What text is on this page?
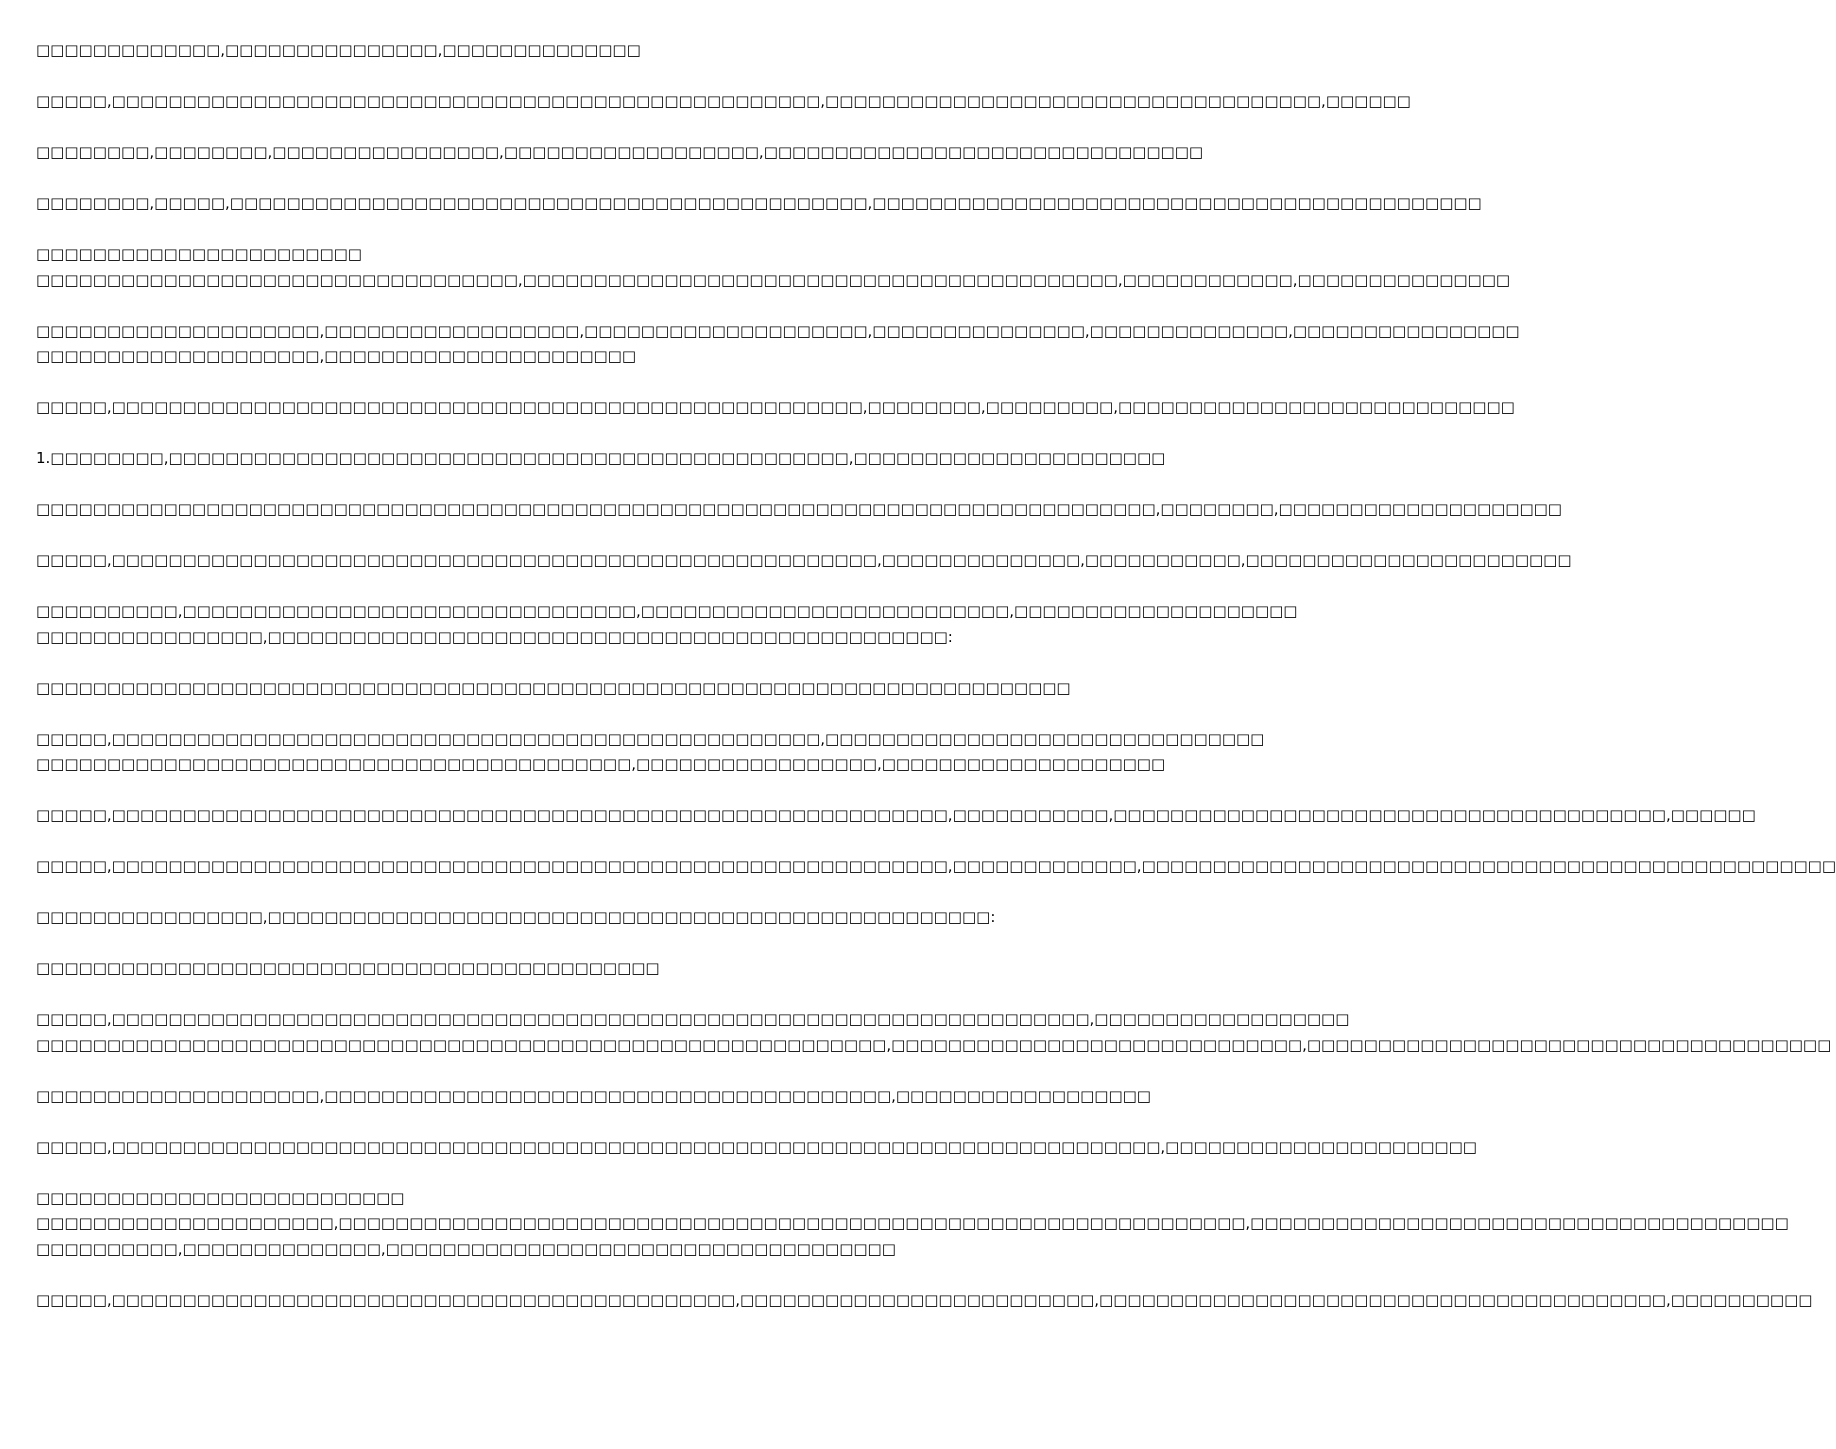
□□□□□□□□□□□□□,□□□□□□□□□□□□□□□,□□□□□□□□□□□□□□

□□□□□,□□□□□□□□□□□□□□□□□□□□□□□□□□□□□□□□□□□□□□□□□□□□□□□□□□,□□□□□□□□□□□□□□□□□□□□□□□□□□□□□□□□□□□,□□□□□□

□□□□□□□□,□□□□□□□□,□□□□□□□□□□□□□□□□,□□□□□□□□□□□□□□□□□□,□□□□□□□□□□□□□□□□□□□□□□□□□□□□□□□

□□□□□□□□,□□□□□,□□□□□□□□□□□□□□□□□□□□□□□□□□□□□□□□□□□□□□□□□□□□□,□□□□□□□□□□□□□□□□□□□□□□□□□□□□□□□□□□□□□□□□□□□

□□□□□□□□□□□□□□□□□□□□□□□
□□□□□□□□□□□□□□□□□□□□□□□□□□□□□□□□□□,□□□□□□□□□□□□□□□□□□□□□□□□□□□□□□□□□□□□□□□□□□,□□□□□□□□□□□□,□□□□□□□□□□□□□□□

□□□□□□□□□□□□□□□□□□□□,□□□□□□□□□□□□□□□□□□,□□□□□□□□□□□□□□□□□□□□,□□□□□□□□□□□□□□□,□□□□□□□□□□□□□□,□□□□□□□□□□□□□□□□
□□□□□□□□□□□□□□□□□□□□,□□□□□□□□□□□□□□□□□□□□□□

□□□□□,□□□□□□□□□□□□□□□□□□□□□□□□□□□□□□□□□□□□□□□□□□□□□□□□□□□□□,□□□□□□□□,□□□□□□□□□,□□□□□□□□□□□□□□□□□□□□□□□□□□□□

1.□□□□□□□□,□□□□□□□□□□□□□□□□□□□□□□□□□□□□□□□□□□□□□□□□□□□□□□□□,□□□□□□□□□□□□□□□□□□□□□□

□□□□□□□□□□□□□□□□□□□□□□□□□□□□□□□□□□□□□□□□□□□□□□□□□□□□□□□□□□□□□□□□□□□□□□□□□□□□□□□,□□□□□□□□,□□□□□□□□□□□□□□□□□□□□

□□□□□,□□□□□□□□□□□□□□□□□□□□□□□□□□□□□□□□□□□□□□□□□□□□□□□□□□□□□□,□□□□□□□□□□□□□□,□□□□□□□□□□□,□□□□□□□□□□□□□□□□□□□□□□□

□□□□□□□□□□,□□□□□□□□□□□□□□□□□□□□□□□□□□□□□□□□,□□□□□□□□□□□□□□□□□□□□□□□□□□,□□□□□□□□□□□□□□□□□□□□
□□□□□□□□□□□□□□□□,□□□□□□□□□□□□□□□□□□□□□□□□□□□□□□□□□□□□□□□□□□□□□□□□:

□□□□□□□□□□□□□□□□□□□□□□□□□□□□□□□□□□□□□□□□□□□□□□□□□□□□□□□□□□□□□□□□□□□□□□□□□

□□□□□,□□□□□□□□□□□□□□□□□□□□□□□□□□□□□□□□□□□□□□□□□□□□□□□□□□,□□□□□□□□□□□□□□□□□□□□□□□□□□□□□□□
□□□□□□□□□□□□□□□□□□□□□□□□□□□□□□□□□□□□□□□□□□,□□□□□□□□□□□□□□□□□,□□□□□□□□□□□□□□□□□□□□

□□□□□,□□□□□□□□□□□□□□□□□□□□□□□□□□□□□□□□□□□□□□□□□□□□□□□□□□□□□□□□□□□,□□□□□□□□□□□,□□□□□□□□□□□□□□□□□□□□□□□□□□□□□□□□□□□□□□□,□□□□□□

□□□□□,□□□□□□□□□□□□□□□□□□□□□□□□□□□□□□□□□□□□□□□□□□□□□□□□□□□□□□□□□□□,□□□□□□□□□□□□□,□□□□□□□□□□□□□□□□□□□□□□□□□□□□□□□□□□□□□□□□□□□□□□□□□

□□□□□□□□□□□□□□□□,□□□□□□□□□□□□□□□□□□□□□□□□□□□□□□□□□□□□□□□□□□□□□□□□□□□:

□□□□□□□□□□□□□□□□□□□□□□□□□□□□□□□□□□□□□□□□□□□□

□□□□□,□□□□□□□□□□□□□□□□□□□□□□□□□□□□□□□□□□□□□□□□□□□□□□□□□□□□□□□□□□□□□□□□□□□□□,□□□□□□□□□□□□□□□□□□
□□□□□□□□□□□□□□□□□□□□□□□□□□□□□□□□□□□□□□□□□□□□□□□□□□□□□□□□□□□□,□□□□□□□□□□□□□□□□□□□□□□□□□□□□□,□□□□□□□□□□□□□□□□□□□□□□□□□□□□□□□□□□□□□

□□□□□□□□□□□□□□□□□□□□,□□□□□□□□□□□□□□□□□□□□□□□□□□□□□□□□□□□□□□□□,□□□□□□□□□□□□□□□□□□

□□□□□,□□□□□□□□□□□□□□□□□□□□□□□□□□□□□□□□□□□□□□□□□□□□□□□□□□□□□□□□□□□□□□□□□□□□□□□□□□,□□□□□□□□□□□□□□□□□□□□□□

□□□□□□□□□□□□□□□□□□□□□□□□□□
□□□□□□□□□□□□□□□□□□□□□,□□□□□□□□□□□□□□□□□□□□□□□□□□□□□□□□□□□□□□□□□□□□□□□□□□□□□□□□□□□□□□□□,□□□□□□□□□□□□□□□□□□□□□□□□□□□□□□□□□□□□□□
□□□□□□□□□□,□□□□□□□□□□□□□□,□□□□□□□□□□□□□□□□□□□□□□□□□□□□□□□□□□□□

□□□□□,□□□□□□□□□□□□□□□□□□□□□□□□□□□□□□□□□□□□□□□□□□□□,□□□□□□□□□□□□□□□□□□□□□□□□□,□□□□□□□□□□□□□□□□□□□□□□□□□□□□□□□□□□□□□□□□,□□□□□□□□□□
